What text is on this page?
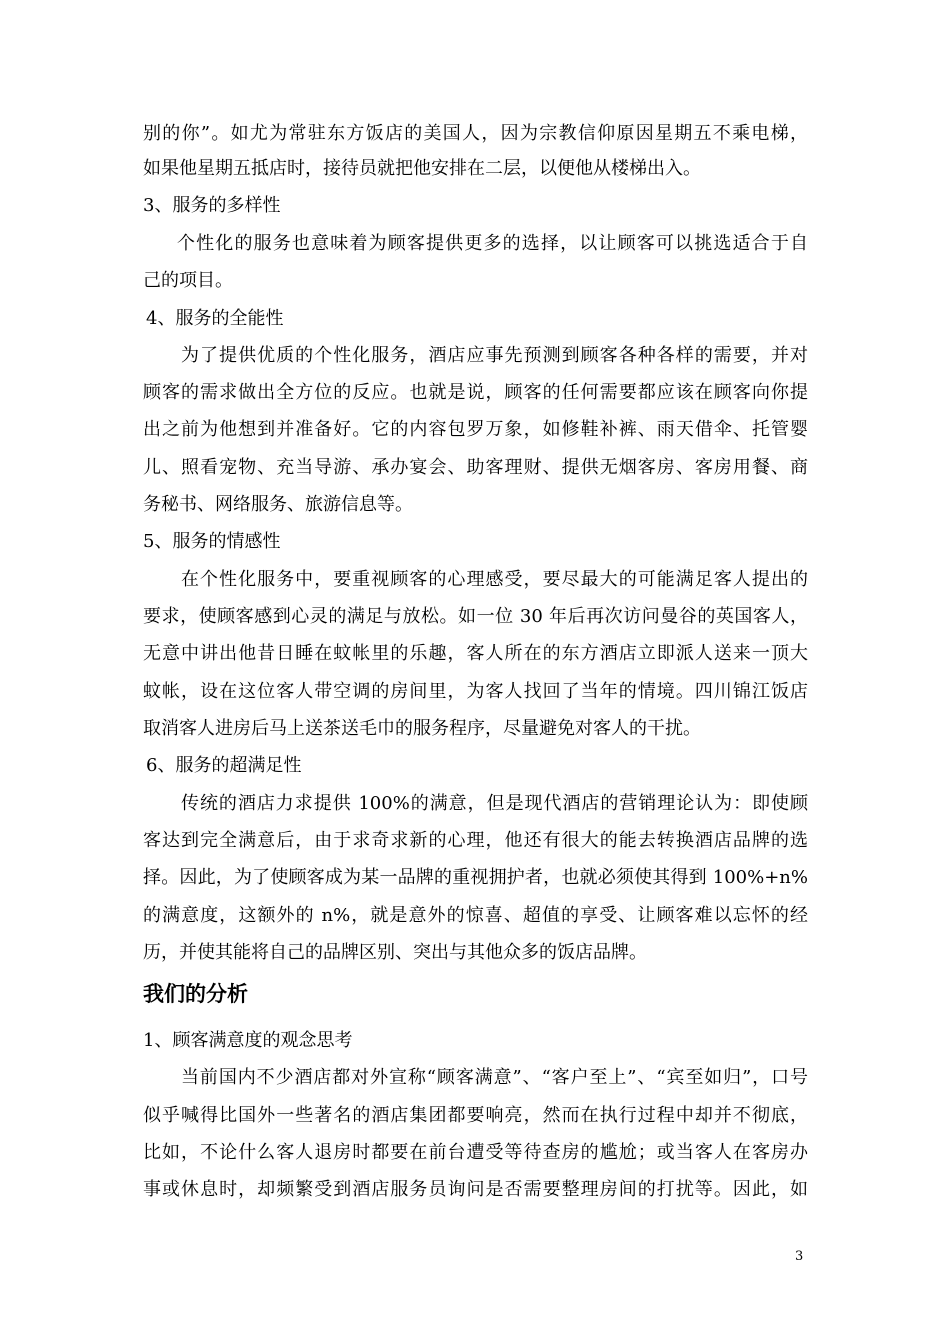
别的你”。如尤为常驻东方饭店的美国人，因为宗教信仰原因星期五不乘电梯，
如果他星期五抵店时，接待员就把他安排在二层，以便他从楼梯出入。
3、服务的多样性
个性化的服务也意味着为顾客提供更多的选择，以让顾客可以挑选适合于自
己的项目。
4、服务的全能性
为了提供优质的个性化服务，酒店应事先预测到顾客各种各样的需要，并对
顾客的需求做出全方位的反应。也就是说，顾客的任何需要都应该在顾客向你提
出之前为他想到并准备好。它的内容包罗万象，如修鞋补裤、雨天借伞、托管婴
儿、照看宠物、充当导游、承办宴会、助客理财、提供无烟客房、客房用餐、商
务秘书、网络服务、旅游信息等。
5、服务的情感性
在个性化服务中，要重视顾客的心理感受，要尽最大的可能满足客人提出的
要求，使顾客感到心灵的满足与放松。如一位 30 年后再次访问曼谷的英国客人，
无意中讲出他昔日睡在蚊帐里的乐趣，客人所在的东方酒店立即派人送来一顶大
蚊帐，设在这位客人带空调的房间里，为客人找回了当年的情境。四川锦江饭店
取消客人进房后马上送茶送毛巾的服务程序，尽量避免对客人的干扰。
6、服务的超满足性
传统的酒店力求提供 100%的满意，但是现代酒店的营销理论认为：即使顾
客达到完全满意后，由于求奇求新的心理，他还有很大的能去转换酒店品牌的选
择。因此，为了使顾客成为某一品牌的重视拥护者，也就必须使其得到 100%+n%
的满意度，这额外的 n%，就是意外的惊喜、超值的享受、让顾客难以忘怀的经
历，并使其能将自己的品牌区别、突出与其他众多的饭店品牌。
我们的分析
1、顾客满意度的观念思考
当前国内不少酒店都对外宣称“顾客满意”、“客户至上”、“宾至如归”，口号
似乎喊得比国外一些著名的酒店集团都要响亮，然而在执行过程中却并不彻底，
比如，不论什么客人退房时都要在前台遭受等待查房的尴尬；或当客人在客房办
事或休息时，却频繁受到酒店服务员询问是否需要整理房间的打扰等。因此，如
3
